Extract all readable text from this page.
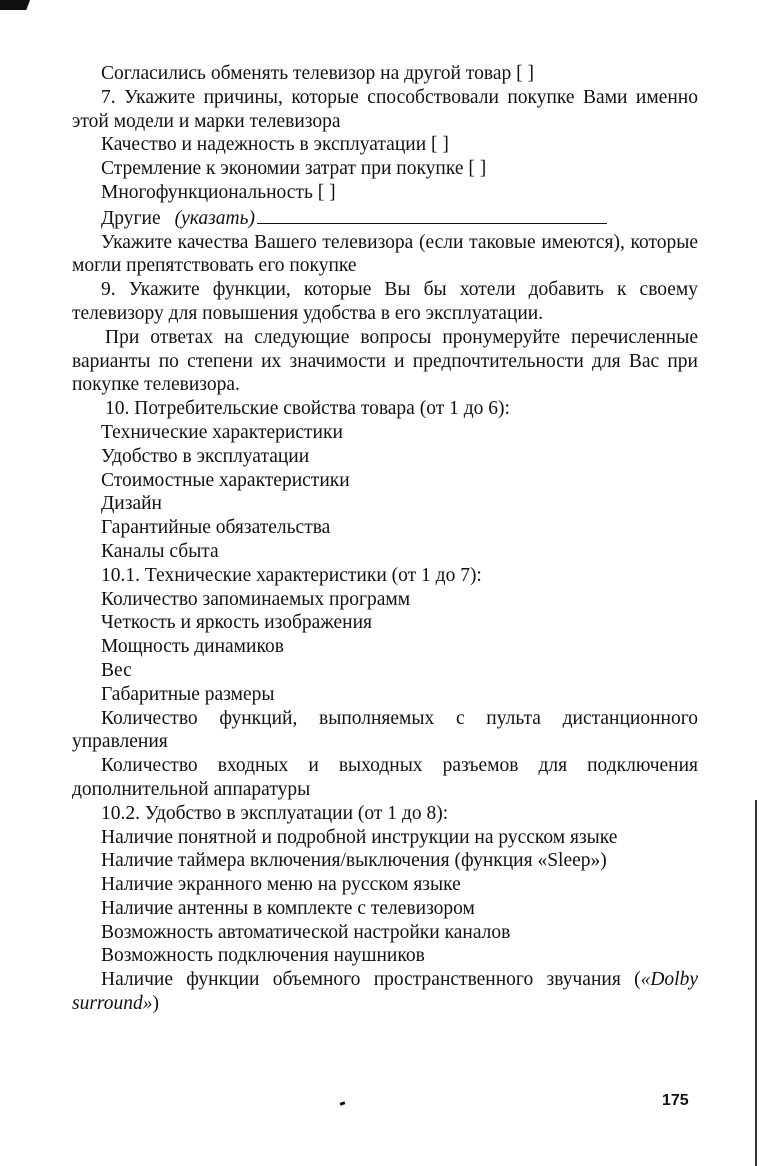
Согласились обменять телевизор на другой товар [ ]

7. Укажите причины, которые способствовали покупке Вами именно этой модели и марки телевизора

Качество и надежность в эксплуатации [ ]

Стремление к экономии затрат при покупке [ ]

Многофункциональность [ ]

Другие (указать)

Укажите качества Вашего телевизора (если таковые имеются), которые могли препятствовать его покупке

9. Укажите функции, которые Вы бы хотели добавить к своему телевизору для повышения удобства в его эксплуатации.

При ответах на следующие вопросы пронумеруйте перечисленные варианты по степени их значимости и предпочтительности для Вас при покупке телевизора.

10. Потребительские свойства товара (от 1 до 6):

Технические характеристики

Удобство в эксплуатации

Стоимостные характеристики

Дизайн

Гарантийные обязательства

Каналы сбыта

10.1. Технические характеристики (от 1 до 7):

Количество запоминаемых программ

Четкость и яркость изображения

Мощность динамиков

Вес

Габаритные размеры

Количество функций, выполняемых с пульта дистанционного управления

Количество входных и выходных разъемов для подключения дополнительной аппаратуры

10.2. Удобство в эксплуатации (от 1 до 8):

Наличие понятной и подробной инструкции на русском языке

Наличие таймера включения/выключения (функция «Sleep»)

Наличие экранного меню на русском языке

Наличие антенны в комплекте с телевизором

Возможность автоматической настройки каналов

Возможность подключения наушников

Наличие функции объемного пространственного звучания («Dolby surround»)

175
